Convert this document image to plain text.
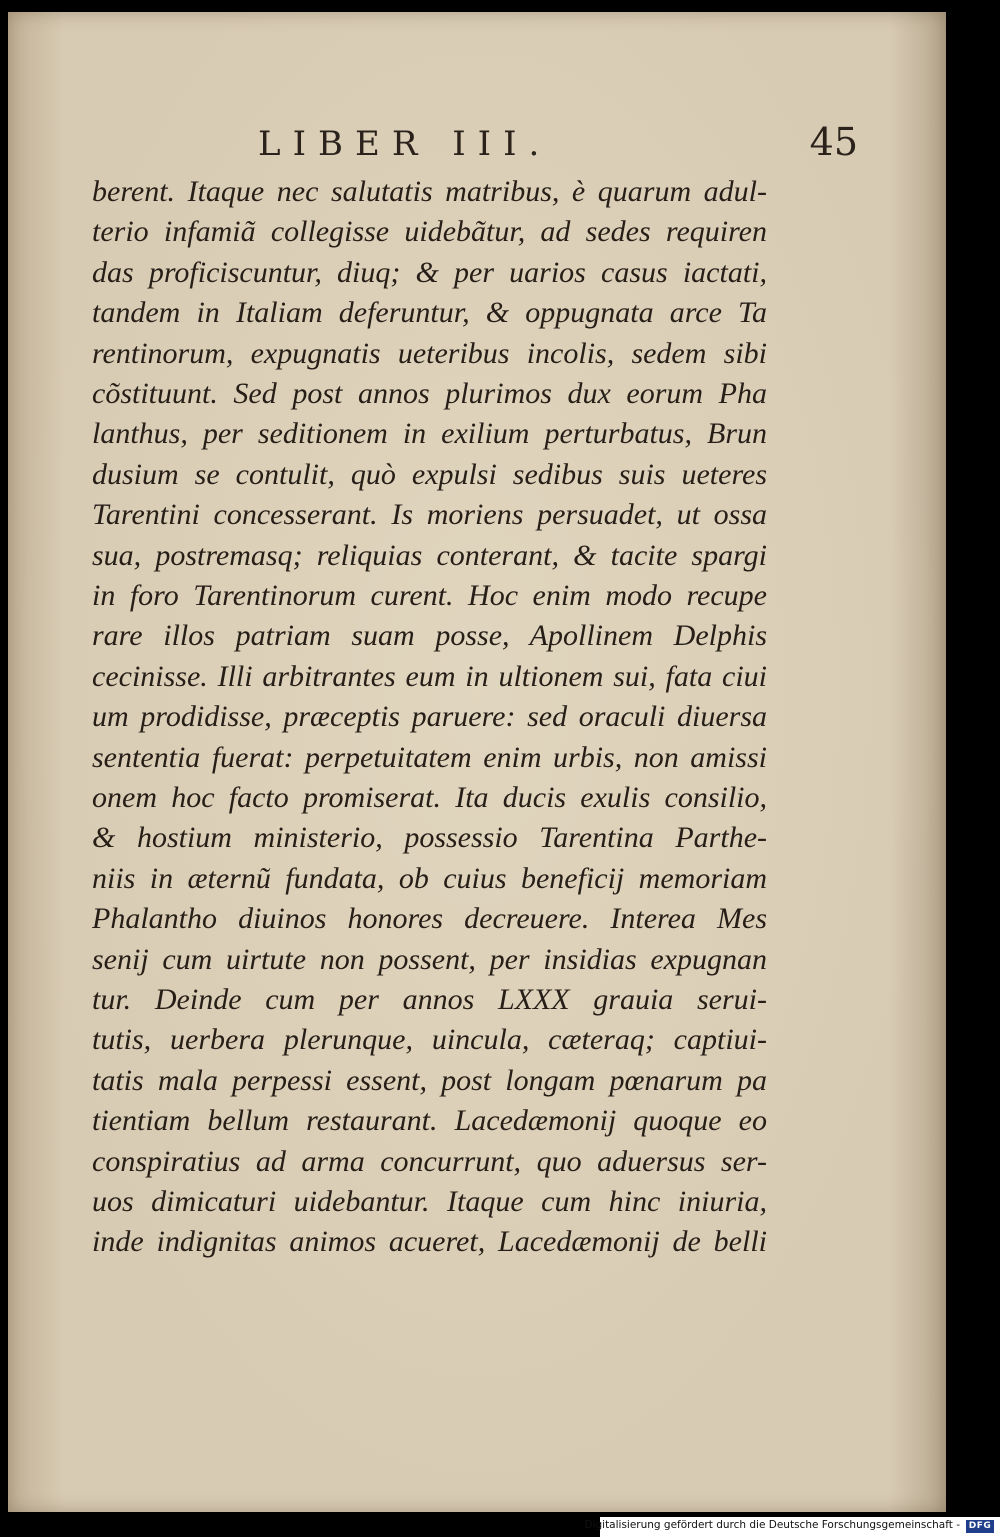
LIBER III.	45
berent. Itaque nec salutatis matribus, è quarum adul-
terio infamiã collegisse uidebãtur, ad sedes requiren
das proficiscuntur, diuq; & per uarios casus iactati,
tandem in Italiam deferuntur, & oppugnata arce Ta
rentinorum, expugnatis ueteribus incolis, sedem sibi
cõstituunt. Sed post annos plurimos dux eorum Pha
lanthus, per seditionem in exilium perturbatus, Brun
dusium se contulit, quò expulsi sedibus suis ueteres
Tarentini concesserant. Is moriens persuadet, ut ossa
sua, postremasq; reliquias conterant, & tacite spargi
in foro Tarentinorum curent. Hoc enim modo recupe
rare illos patriam suam posse, Apollinem Delphis
cecinisse. Illi arbitrantes eum in ultionem sui, fata ciui
um prodidisse, præceptis paruere: sed oraculi diuersa
sententia fuerat: perpetuitatem enim urbis, non amissi
onem hoc facto promiserat. Ita ducis exulis consilio,
& hostium ministerio, possessio Tarentina Parthe-
niis in æternũ fundata, ob cuius beneficij memoriam
Phalantho diuinos honores decreuere. Interea Mes
senij cum uirtute non possent, per insidias expugnan
tur. Deinde cum per annos LXXX grauia serui-
tutis, uerbera plerunque, uincula, cæteraq; captiui-
tatis mala perpessi essent, post longam pœnarum pa
tientiam bellum restaurant. Lacedæmonij quoque eo
conspiratius ad arma concurrunt, quo aduersus ser-
uos dimicaturi uidebantur. Itaque cum hinc iniuria,
inde indignitas animos acueret, Lacedæmonij de belli
Digitalisierung gefördert durch die Deutsche Forschungsgemeinschaft - DFG
